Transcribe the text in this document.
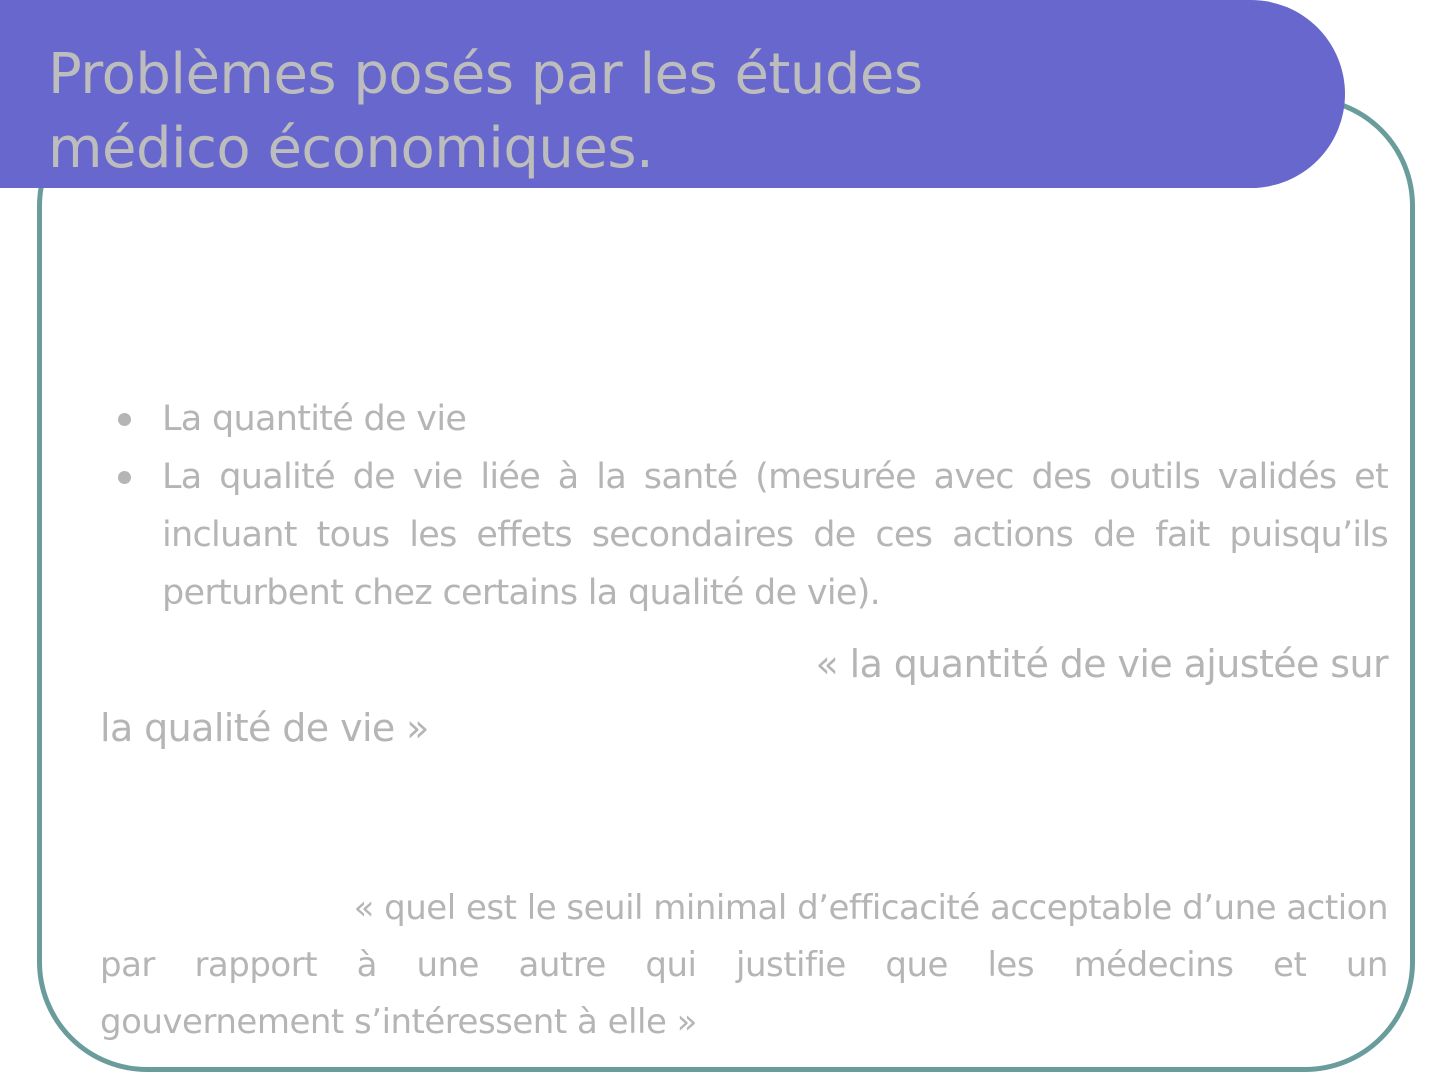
Problèmes posés par les études
médico économiques.
La quantité de vie
La qualité de vie liée à la santé (mesurée avec des outils validés et incluant tous les effets secondaires de ces actions de fait puisqu’ils perturbent chez certains la qualité de vie).
« la quantité de vie ajustée sur
la qualité de vie »
« quel est le seuil minimal d’efficacité acceptable d’une action
par rapport à une autre qui justifie que les médecins et un
gouvernement s’intéressent à elle »
